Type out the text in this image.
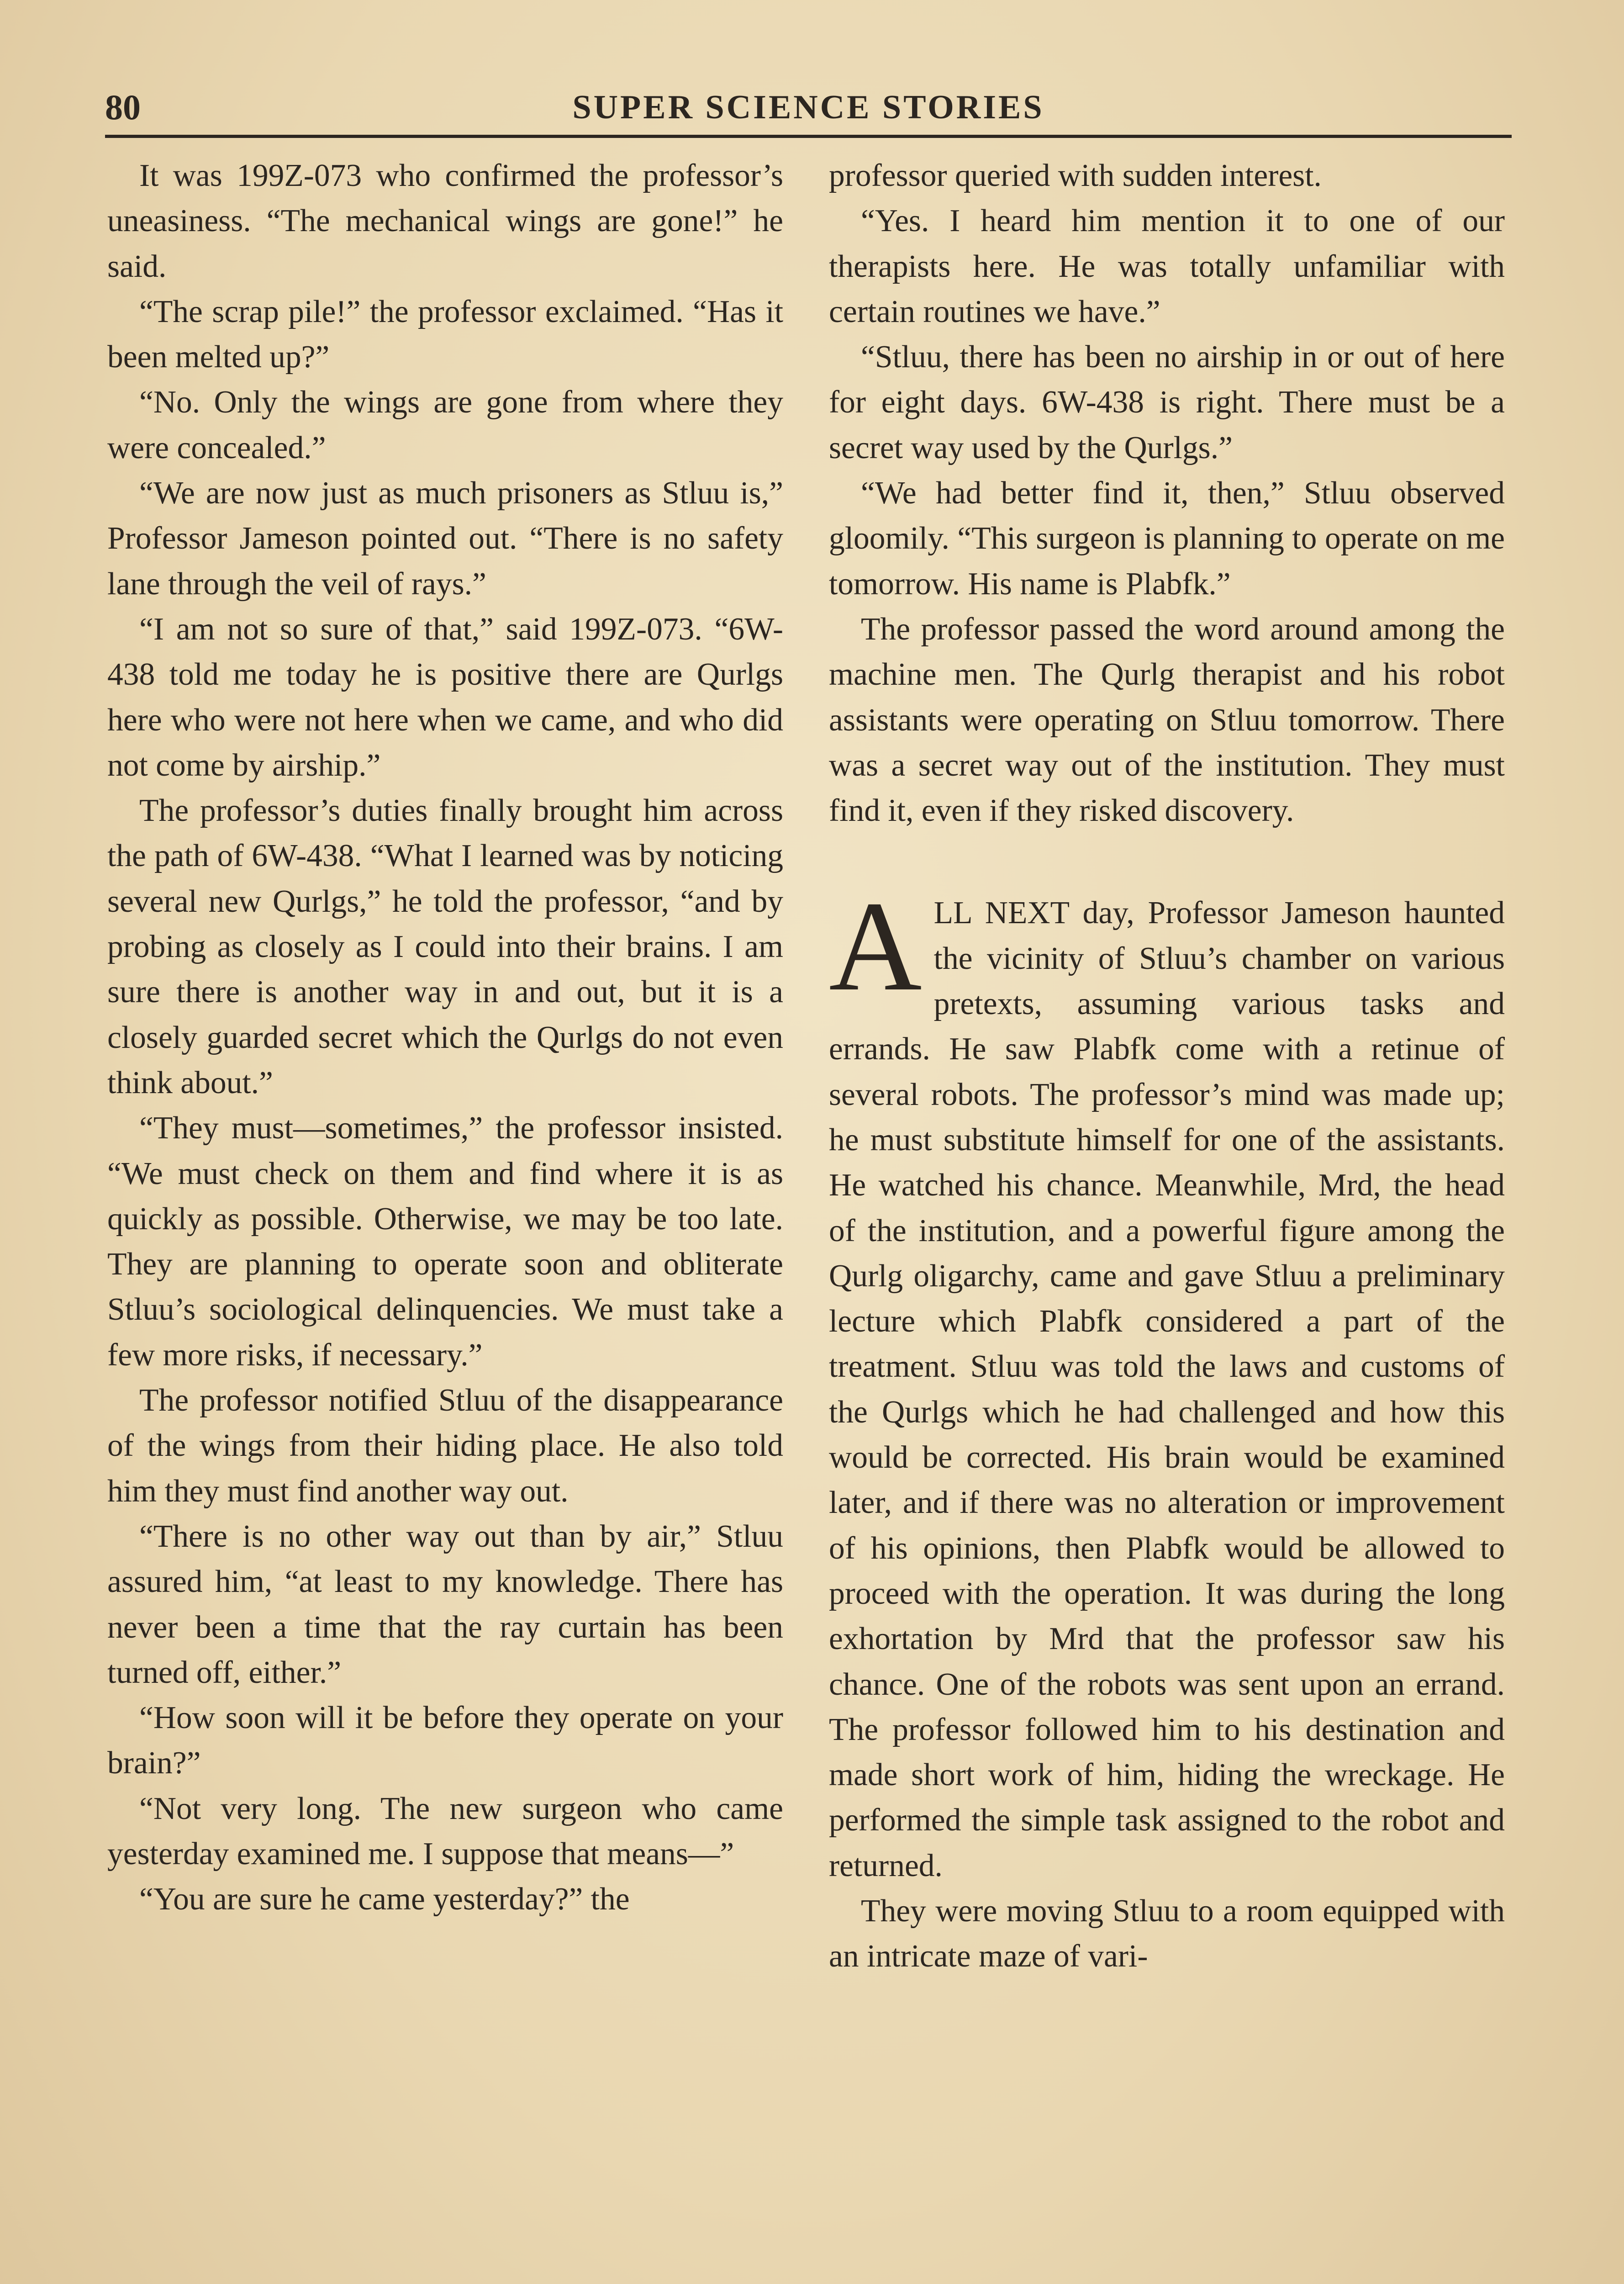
80	SUPER SCIENCE STORIES

It was 199Z-073 who confirmed the professor’s uneasiness. “The mechanical wings are gone!” he said.

“The scrap pile!” the professor exclaimed. “Has it been melted up?”

“No. Only the wings are gone from where they were concealed.”

“We are now just as much prisoners as Stluu is,” Professor Jameson pointed out. “There is no safety lane through the veil of rays.”

“I am not so sure of that,” said 199Z-073. “6W-438 told me today he is positive there are Qurlgs here who were not here when we came, and who did not come by airship.”

The professor’s duties finally brought him across the path of 6W-438. “What I learned was by noticing several new Qurlgs,” he told the professor, “and by probing as closely as I could into their brains. I am sure there is another way in and out, but it is a closely guarded secret which the Qurlgs do not even think about.”

“They must—sometimes,” the professor insisted. “We must check on them and find where it is as quickly as possible. Otherwise, we may be too late. They are planning to operate soon and obliterate Stluu’s sociological delinquencies. We must take a few more risks, if necessary.”

The professor notified Stluu of the disappearance of the wings from their hiding place. He also told him they must find another way out.

“There is no other way out than by air,” Stluu assured him, “at least to my knowledge. There has never been a time that the ray curtain has been turned off, either.”

“How soon will it be before they operate on your brain?”

“Not very long. The new surgeon who came yesterday examined me. I suppose that means—”

“You are sure he came yesterday?” the

professor queried with sudden interest.

“Yes. I heard him mention it to one of our therapists here. He was totally unfamiliar with certain routines we have.”

“Stluu, there has been no airship in or out of here for eight days. 6W-438 is right. There must be a secret way used by the Qurlgs.”

“We had better find it, then,” Stluu observed gloomily. “This surgeon is planning to operate on me tomorrow. His name is Plabfk.”

The professor passed the word around among the machine men. The Qurlg therapist and his robot assistants were operating on Stluu tomorrow. There was a secret way out of the institution. They must find it, even if they risked discovery.

ALL NEXT day, Professor Jameson haunted the vicinity of Stluu’s chamber on various pretexts, assuming various tasks and errands. He saw Plabfk come with a retinue of several robots. The professor’s mind was made up; he must substitute himself for one of the assistants. He watched his chance. Meanwhile, Mrd, the head of the institution, and a powerful figure among the Qurlg oligarchy, came and gave Stluu a preliminary lecture which Plabfk considered a part of the treatment. Stluu was told the laws and customs of the Qurlgs which he had challenged and how this would be corrected. His brain would be examined later, and if there was no alteration or improvement of his opinions, then Plabfk would be allowed to proceed with the operation. It was during the long exhortation by Mrd that the professor saw his chance. One of the robots was sent upon an errand. The professor followed him to his destination and made short work of him, hiding the wreckage. He performed the simple task assigned to the robot and returned.

They were moving Stluu to a room equipped with an intricate maze of vari-
